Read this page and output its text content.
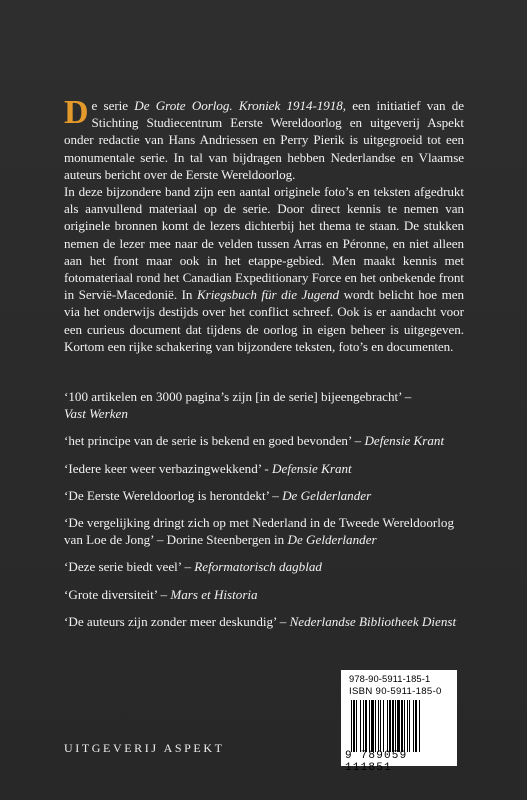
De serie De Grote Oorlog. Kroniek 1914-1918, een initiatief van de Stichting Studiecentrum Eerste Wereldoorlog en uitgeverij Aspekt onder redactie van Hans Andriessen en Perry Pierik is uitgegroeid tot een monumentale serie. In tal van bijdragen hebben Nederlandse en Vlaamse auteurs bericht over de Eerste Wereldoorlog.

In deze bijzondere band zijn een aantal originele foto’s en teksten afgedrukt als aanvullend materiaal op de serie. Door direct kennis te nemen van originele bronnen komt de lezers dichterbij het thema te staan. De stukken nemen de lezer mee naar de velden tussen Arras en Péronne, en niet alleen aan het front maar ook in het etappe-gebied. Men maakt kennis met fotomateriaal rond het Canadian Expeditionary Force en het onbekende front in Servië-Macedonië. In Kriegsbuch für die Jugend wordt belicht hoe men via het onderwijs destijds over het conflict schreef. Ook is er aandacht voor een curieus document dat tijdens de oorlog in eigen beheer is uitgegeven. Kortom een rijke schakering van bijzondere teksten, foto’s en documenten.

‘100 artikelen en 3000 pagina’s zijn [in de serie] bijeengebracht’ –
Vast Werken

‘het principe van de serie is bekend en goed bevonden’ – Defensie Krant

‘Iedere keer weer verbazingwekkend’ - Defensie Krant

‘De Eerste Wereldoorlog is herontdekt’ – De Gelderlander

‘De vergelijking dringt zich op met Nederland in de Tweede Wereldoorlog van Loe de Jong’ – Dorine Steenbergen in De Gelderlander

‘Deze serie biedt veel’ – Reformatorisch dagblad

‘Grote diversiteit’ – Mars et Historia

‘De auteurs zijn zonder meer deskundig’ – Nederlandse Bibliotheek Dienst

978-90-5911-185-1
ISBN 90-5911-185-0
9 789059 111851
UITGEVERIJ ASPEKT
